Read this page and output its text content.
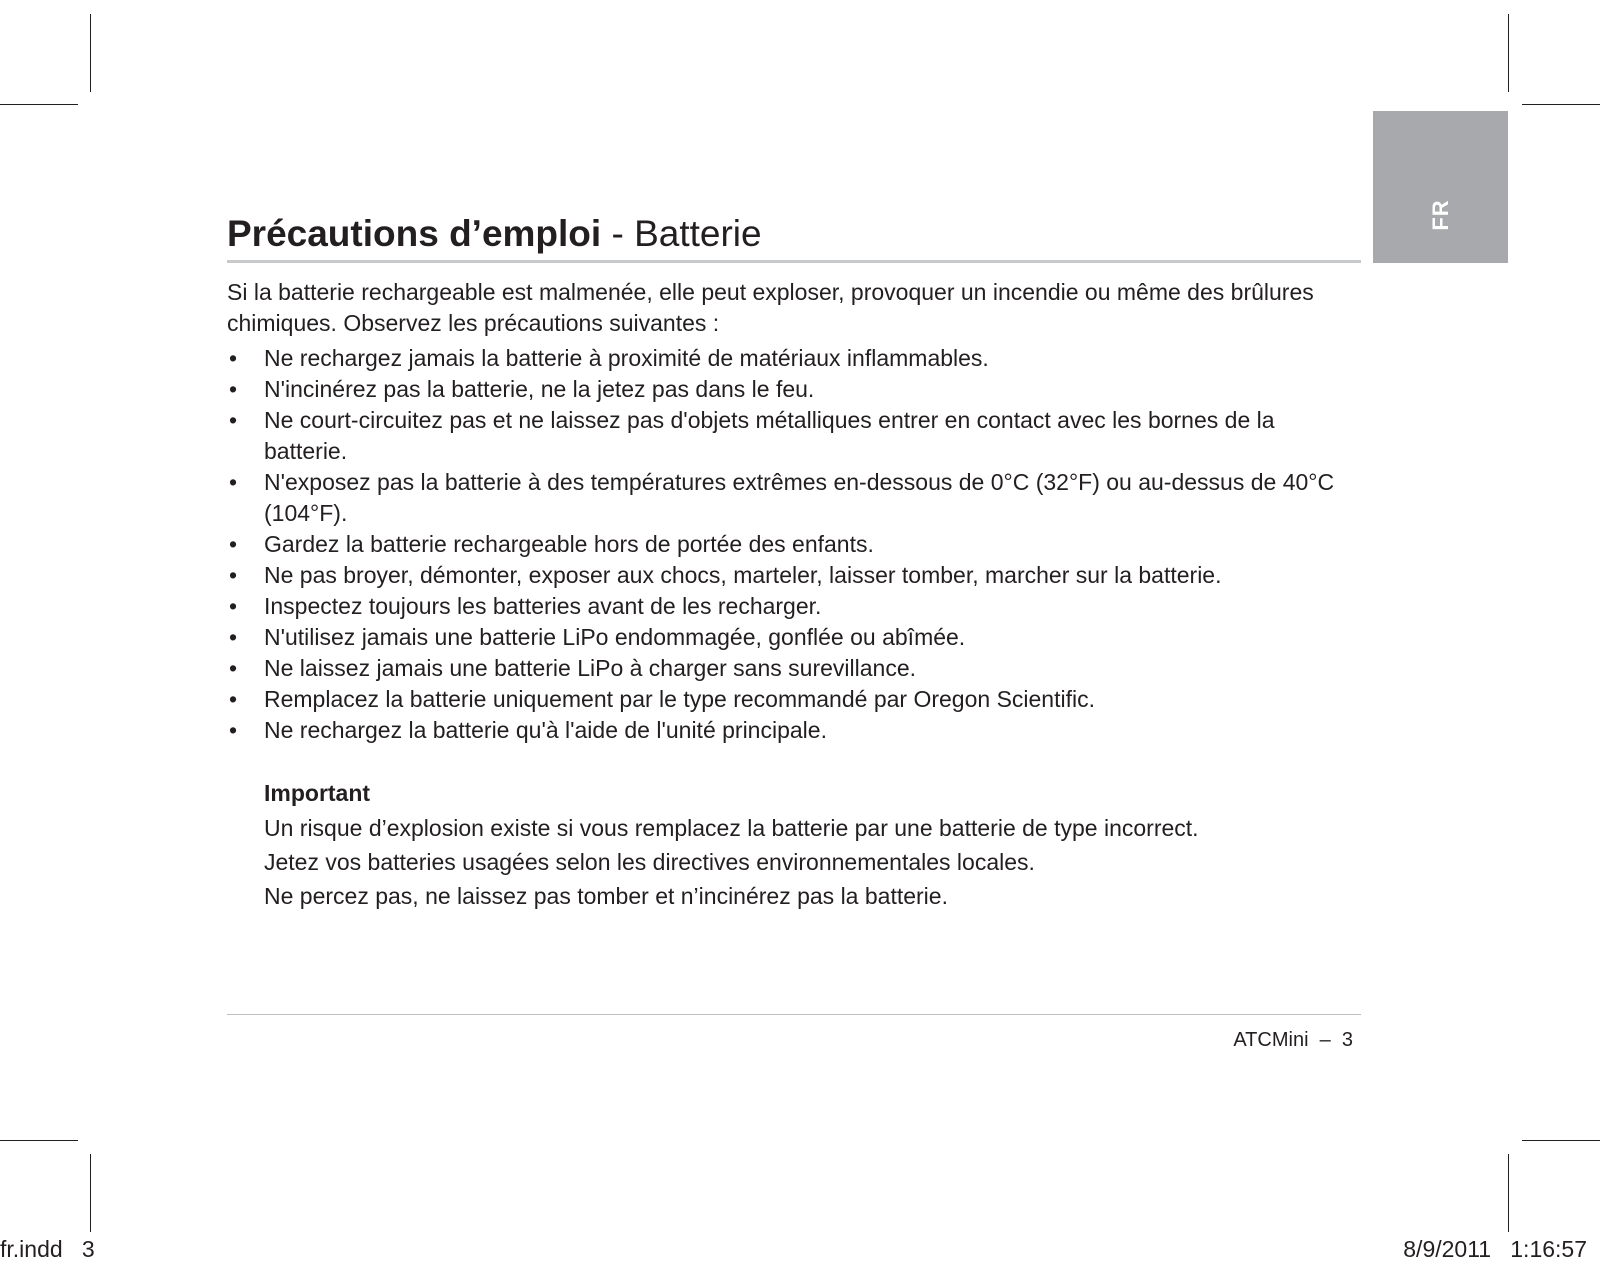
FR
Précautions d’emploi - Batterie

Si la batterie rechargeable est malmenée, elle peut exploser, provoquer un incendie ou même des brûlures chimiques. Observez les précautions suivantes :

• Ne rechargez jamais la batterie à proximité de matériaux inflammables.
• N'incinérez pas la batterie, ne la jetez pas dans le feu.
• Ne court-circuitez pas et ne laissez pas d'objets métalliques entrer en contact avec les bornes de la batterie.
• N'exposez pas la batterie à des températures extrêmes en-dessous de 0°C (32°F) ou au-dessus de 40°C (104°F).
• Gardez la batterie rechargeable hors de portée des enfants.
• Ne pas broyer, démonter, exposer aux chocs, marteler, laisser tomber, marcher sur la batterie.
• Inspectez toujours les batteries avant de les recharger.
• N'utilisez jamais une batterie LiPo endommagée, gonflée ou abîmée.
• Ne laissez jamais une batterie LiPo à charger sans surevillance.
• Remplacez la batterie uniquement par le type recommandé par Oregon Scientific.
• Ne rechargez la batterie qu'à l'aide de l'unité principale.
Important

Un risque d’explosion existe si vous remplacez la batterie par une batterie de type incorrect.

Jetez vos batteries usagées selon les directives environnementales locales.

Ne percez pas, ne laissez pas tomber et n’incinérez pas la batterie.

ATCMini  –  3
fr.indd   3	8/9/2011   1:16:57
